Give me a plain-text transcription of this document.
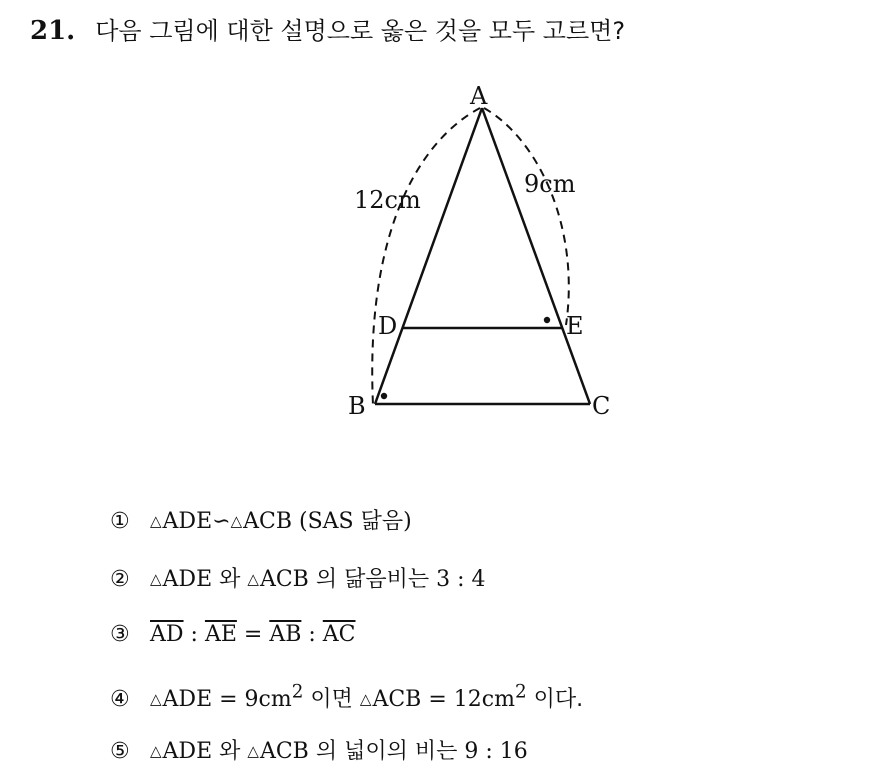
21. 다음 그림에 대한 설명으로 옳은 것을 모두 고르면?
A
B	C
D	E
12cm
9cm
① △ADE∽△ACB (SAS 닮음)
② △ADE 와 △ACB 의 닮음비는 3 : 4
③ $\overline{AD}$ : $\overline{AE} = \overline{AB}$ : $\overline{AC}$
④ △ADE = $9cm^2$ 이면 △ACB = $12cm^2$ 이다.
⑤ △ADE 와 △ACB 의 넓이의 비는 9 : 16
